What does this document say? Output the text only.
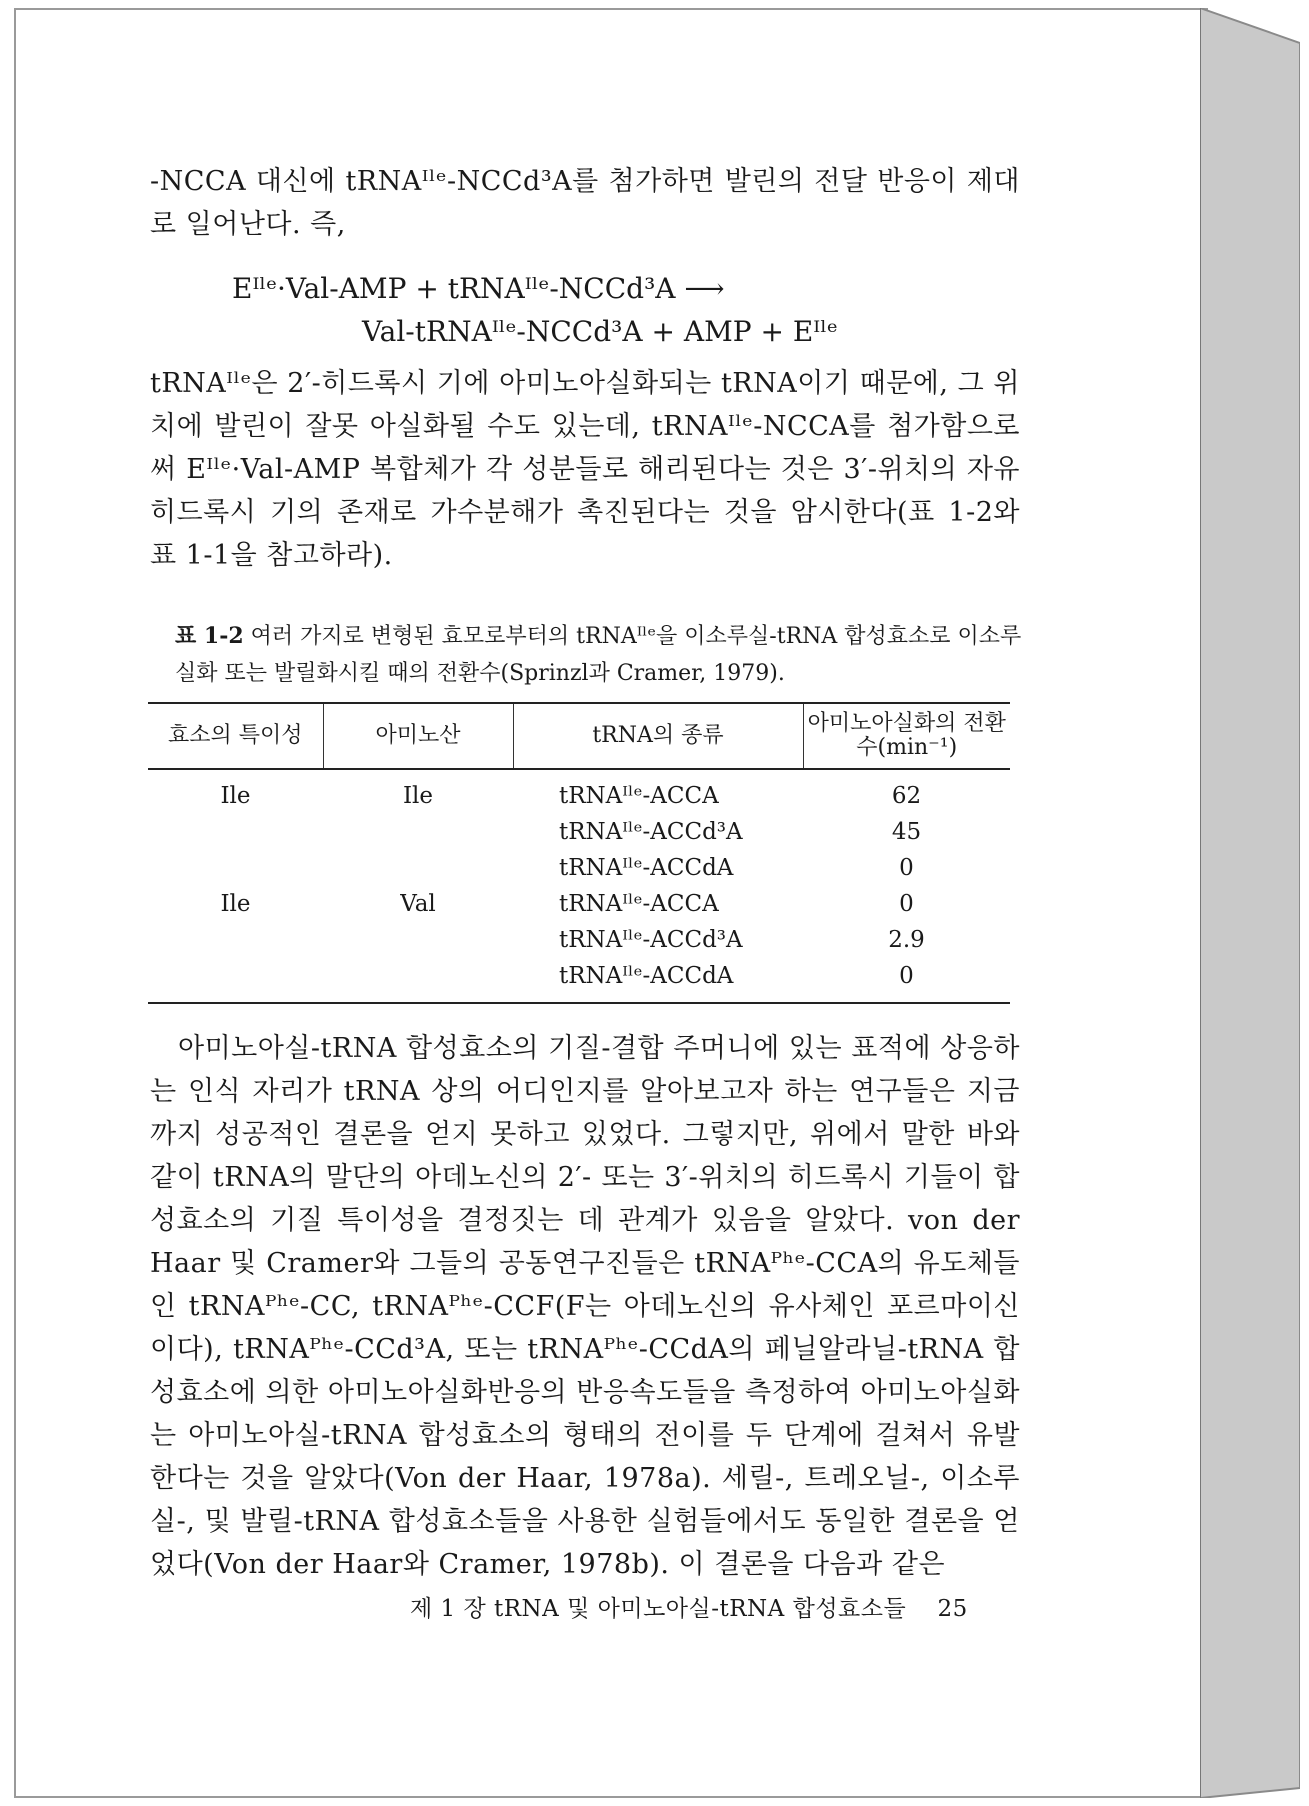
-NCCA 대신에 tRNAᴵˡᵉ-NCCd³A를 첨가하면 발린의 전달 반응이 제대로 일어난다. 즉,

Eᴵˡᵉ·Val-AMP + tRNAᴵˡᵉ-NCCd³A ⟶
Val-tRNAᴵˡᵉ-NCCd³A + AMP + Eᴵˡᵉ

tRNAᴵˡᵉ은 2′-히드록시 기에 아미노아실화되는 tRNA이기 때문에, 그 위치에 발린이 잘못 아실화될 수도 있는데, tRNAᴵˡᵉ-NCCA를 첨가함으로써 Eᴵˡᵉ·Val-AMP 복합체가 각 성분들로 해리된다는 것은 3′-위치의 자유 히드록시 기의 존재로 가수분해가 촉진된다는 것을 암시한다(표 1-2와 표 1-1을 참고하라).

표 1-2 여러 가지로 변형된 효모로부터의 tRNAᴵˡᵉ을 이소루실-tRNA 합성효소로 이소루실화 또는 발릴화시킬 때의 전환수(Sprinzl과 Cramer, 1979).
효소의 특이성	아미노산	tRNA의 종류	아미노아실화의 전환수(min⁻¹)
Ile	Ile	tRNAᴵˡᵉ-ACCA	62
		tRNAᴵˡᵉ-ACCd³A	45
		tRNAᴵˡᵉ-ACCdA	0
Ile	Val	tRNAᴵˡᵉ-ACCA	0
		tRNAᴵˡᵉ-ACCd³A	2.9
		tRNAᴵˡᵉ-ACCdA	0

아미노아실-tRNA 합성효소의 기질-결합 주머니에 있는 표적에 상응하는 인식 자리가 tRNA 상의 어디인지를 알아보고자 하는 연구들은 지금까지 성공적인 결론을 얻지 못하고 있었다. 그렇지만, 위에서 말한 바와 같이 tRNA의 말단의 아데노신의 2′- 또는 3′-위치의 히드록시 기들이 합성효소의 기질 특이성을 결정짓는 데 관계가 있음을 알았다. von der Haar 및 Cramer와 그들의 공동연구진들은 tRNAᴾʰᵉ-CCA의 유도체들인 tRNAᴾʰᵉ-CC, tRNAᴾʰᵉ-CCF(F는 아데노신의 유사체인 포르마이신이다), tRNAᴾʰᵉ-CCd³A, 또는 tRNAᴾʰᵉ-CCdA의 페닐알라닐-tRNA 합성효소에 의한 아미노아실화반응의 반응속도들을 측정하여 아미노아실화는 아미노아실-tRNA 합성효소의 형태의 전이를 두 단계에 걸쳐서 유발한다는 것을 알았다(Von der Haar, 1978a). 세릴-, 트레오닐-, 이소루실-, 및 발릴-tRNA 합성효소들을 사용한 실험들에서도 동일한 결론을 얻었다(Von der Haar와 Cramer, 1978b). 이 결론을 다음과 같은

제 1 장 tRNA 및 아미노아실-tRNA 합성효소들 25
